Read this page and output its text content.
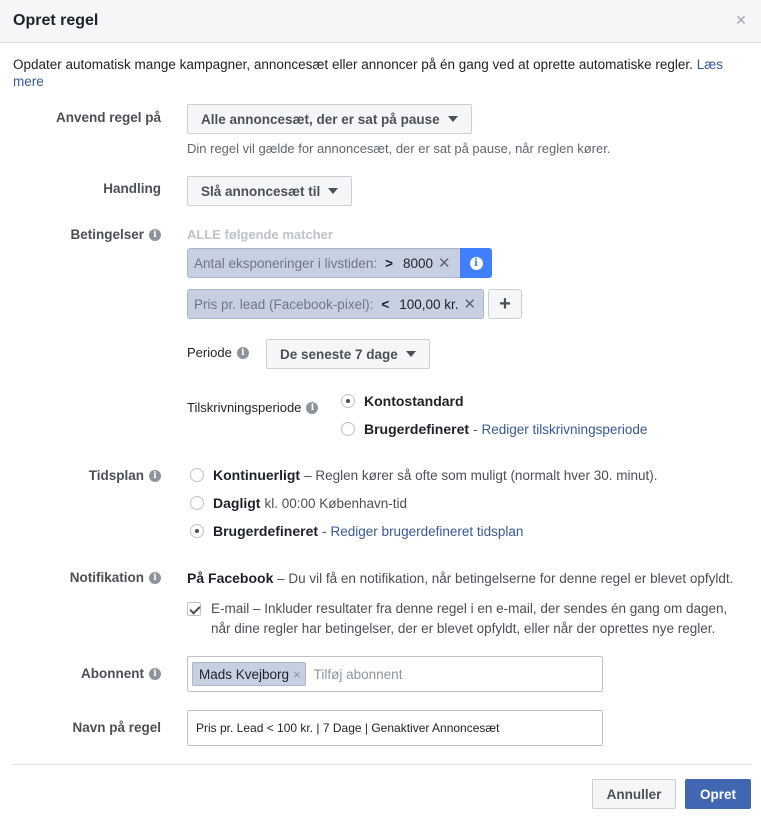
Opret regel	×
Opdater automatisk mange kampagner, annoncesæt eller annoncer på én gang ved at oprette automatiske regler. Læs mere
Anvend regel på	Alle annoncesæt, der er sat på pause
Din regel vil gælde for annoncesæt, der er sat på pause, når reglen kører.
Handling	Slå annoncesæt til
Betingelser	i	ALLE følgende matcher
Antal eksponeringer i livstiden: > 8000 ✕	i
Pris pr. lead (Facebook-pixel): < 100,00 kr. ✕ +
Periode	i	De seneste 7 dage
Tilskrivningsperiode	i	Kontostandard
Brugerdefineret - Rediger tilskrivningsperiode
Tidsplan	i	Kontinuerligt – Reglen kører så ofte som muligt (normalt hver 30. minut).
Dagligt kl. 00:00 København-tid
Brugerdefineret - Rediger brugerdefineret tidsplan
Notifikation	i	På Facebook – Du vil få en notifikation, når betingelserne for denne regel er blevet opfyldt.
E-mail – Inkluder resultater fra denne regel i en e-mail, der sendes én gang om dagen,
når dine regler har betingelser, der er blevet opfyldt, eller når der oprettes nye regler.
Abonnent	i	Mads Kvejborg × Tilføj abonnent
Navn på regel	Pris pr. Lead < 100 kr. | 7 Dage | Genaktiver Annoncesæt
Annuller	Opret
